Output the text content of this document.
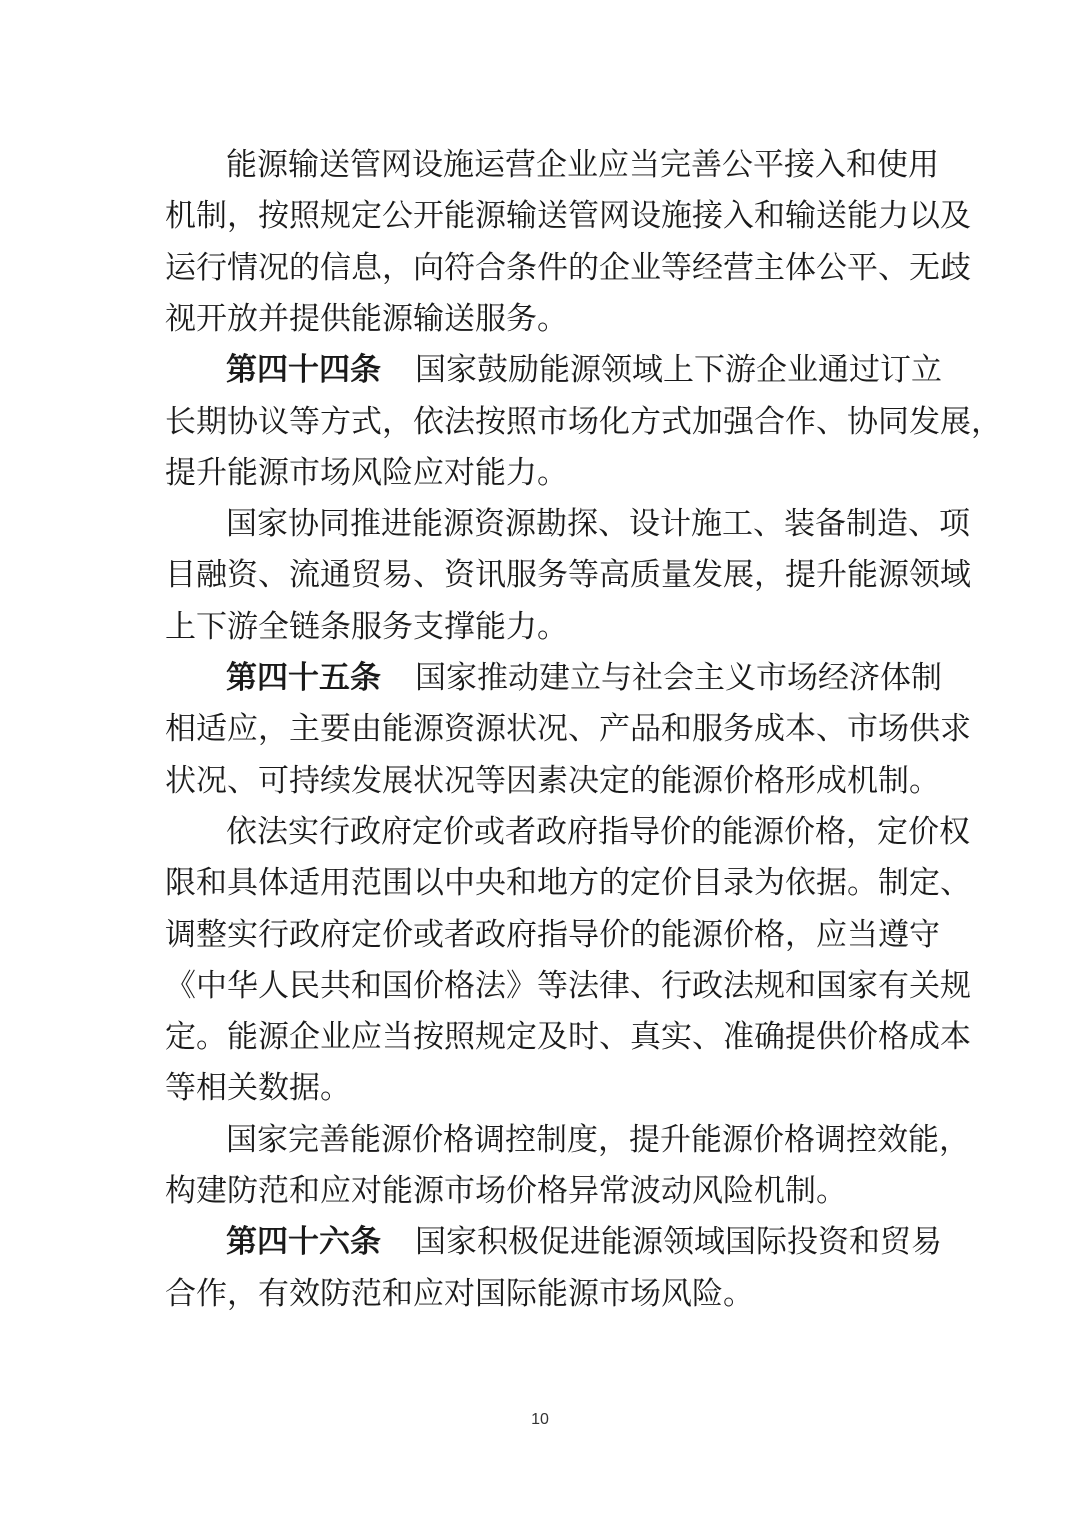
能源输送管网设施运营企业应当完善公平接入和使用
机制，按照规定公开能源输送管网设施接入和输送能力以及
运行情况的信息，向符合条件的企业等经营主体公平、无歧
视开放并提供能源输送服务。
第四十四条 国家鼓励能源领域上下游企业通过订立
长期协议等方式，依法按照市场化方式加强合作、协同发展，
提升能源市场风险应对能力。
国家协同推进能源资源勘探、设计施工、装备制造、项
目融资、流通贸易、资讯服务等高质量发展，提升能源领域
上下游全链条服务支撑能力。
第四十五条 国家推动建立与社会主义市场经济体制
相适应，主要由能源资源状况、产品和服务成本、市场供求
状况、可持续发展状况等因素决定的能源价格形成机制。
依法实行政府定价或者政府指导价的能源价格，定价权
限和具体适用范围以中央和地方的定价目录为依据。制定、
调整实行政府定价或者政府指导价的能源价格，应当遵守
《中华人民共和国价格法》等法律、行政法规和国家有关规
定。能源企业应当按照规定及时、真实、准确提供价格成本
等相关数据。
国家完善能源价格调控制度，提升能源价格调控效能，
构建防范和应对能源市场价格异常波动风险机制。
第四十六条 国家积极促进能源领域国际投资和贸易
合作，有效防范和应对国际能源市场风险。
10
